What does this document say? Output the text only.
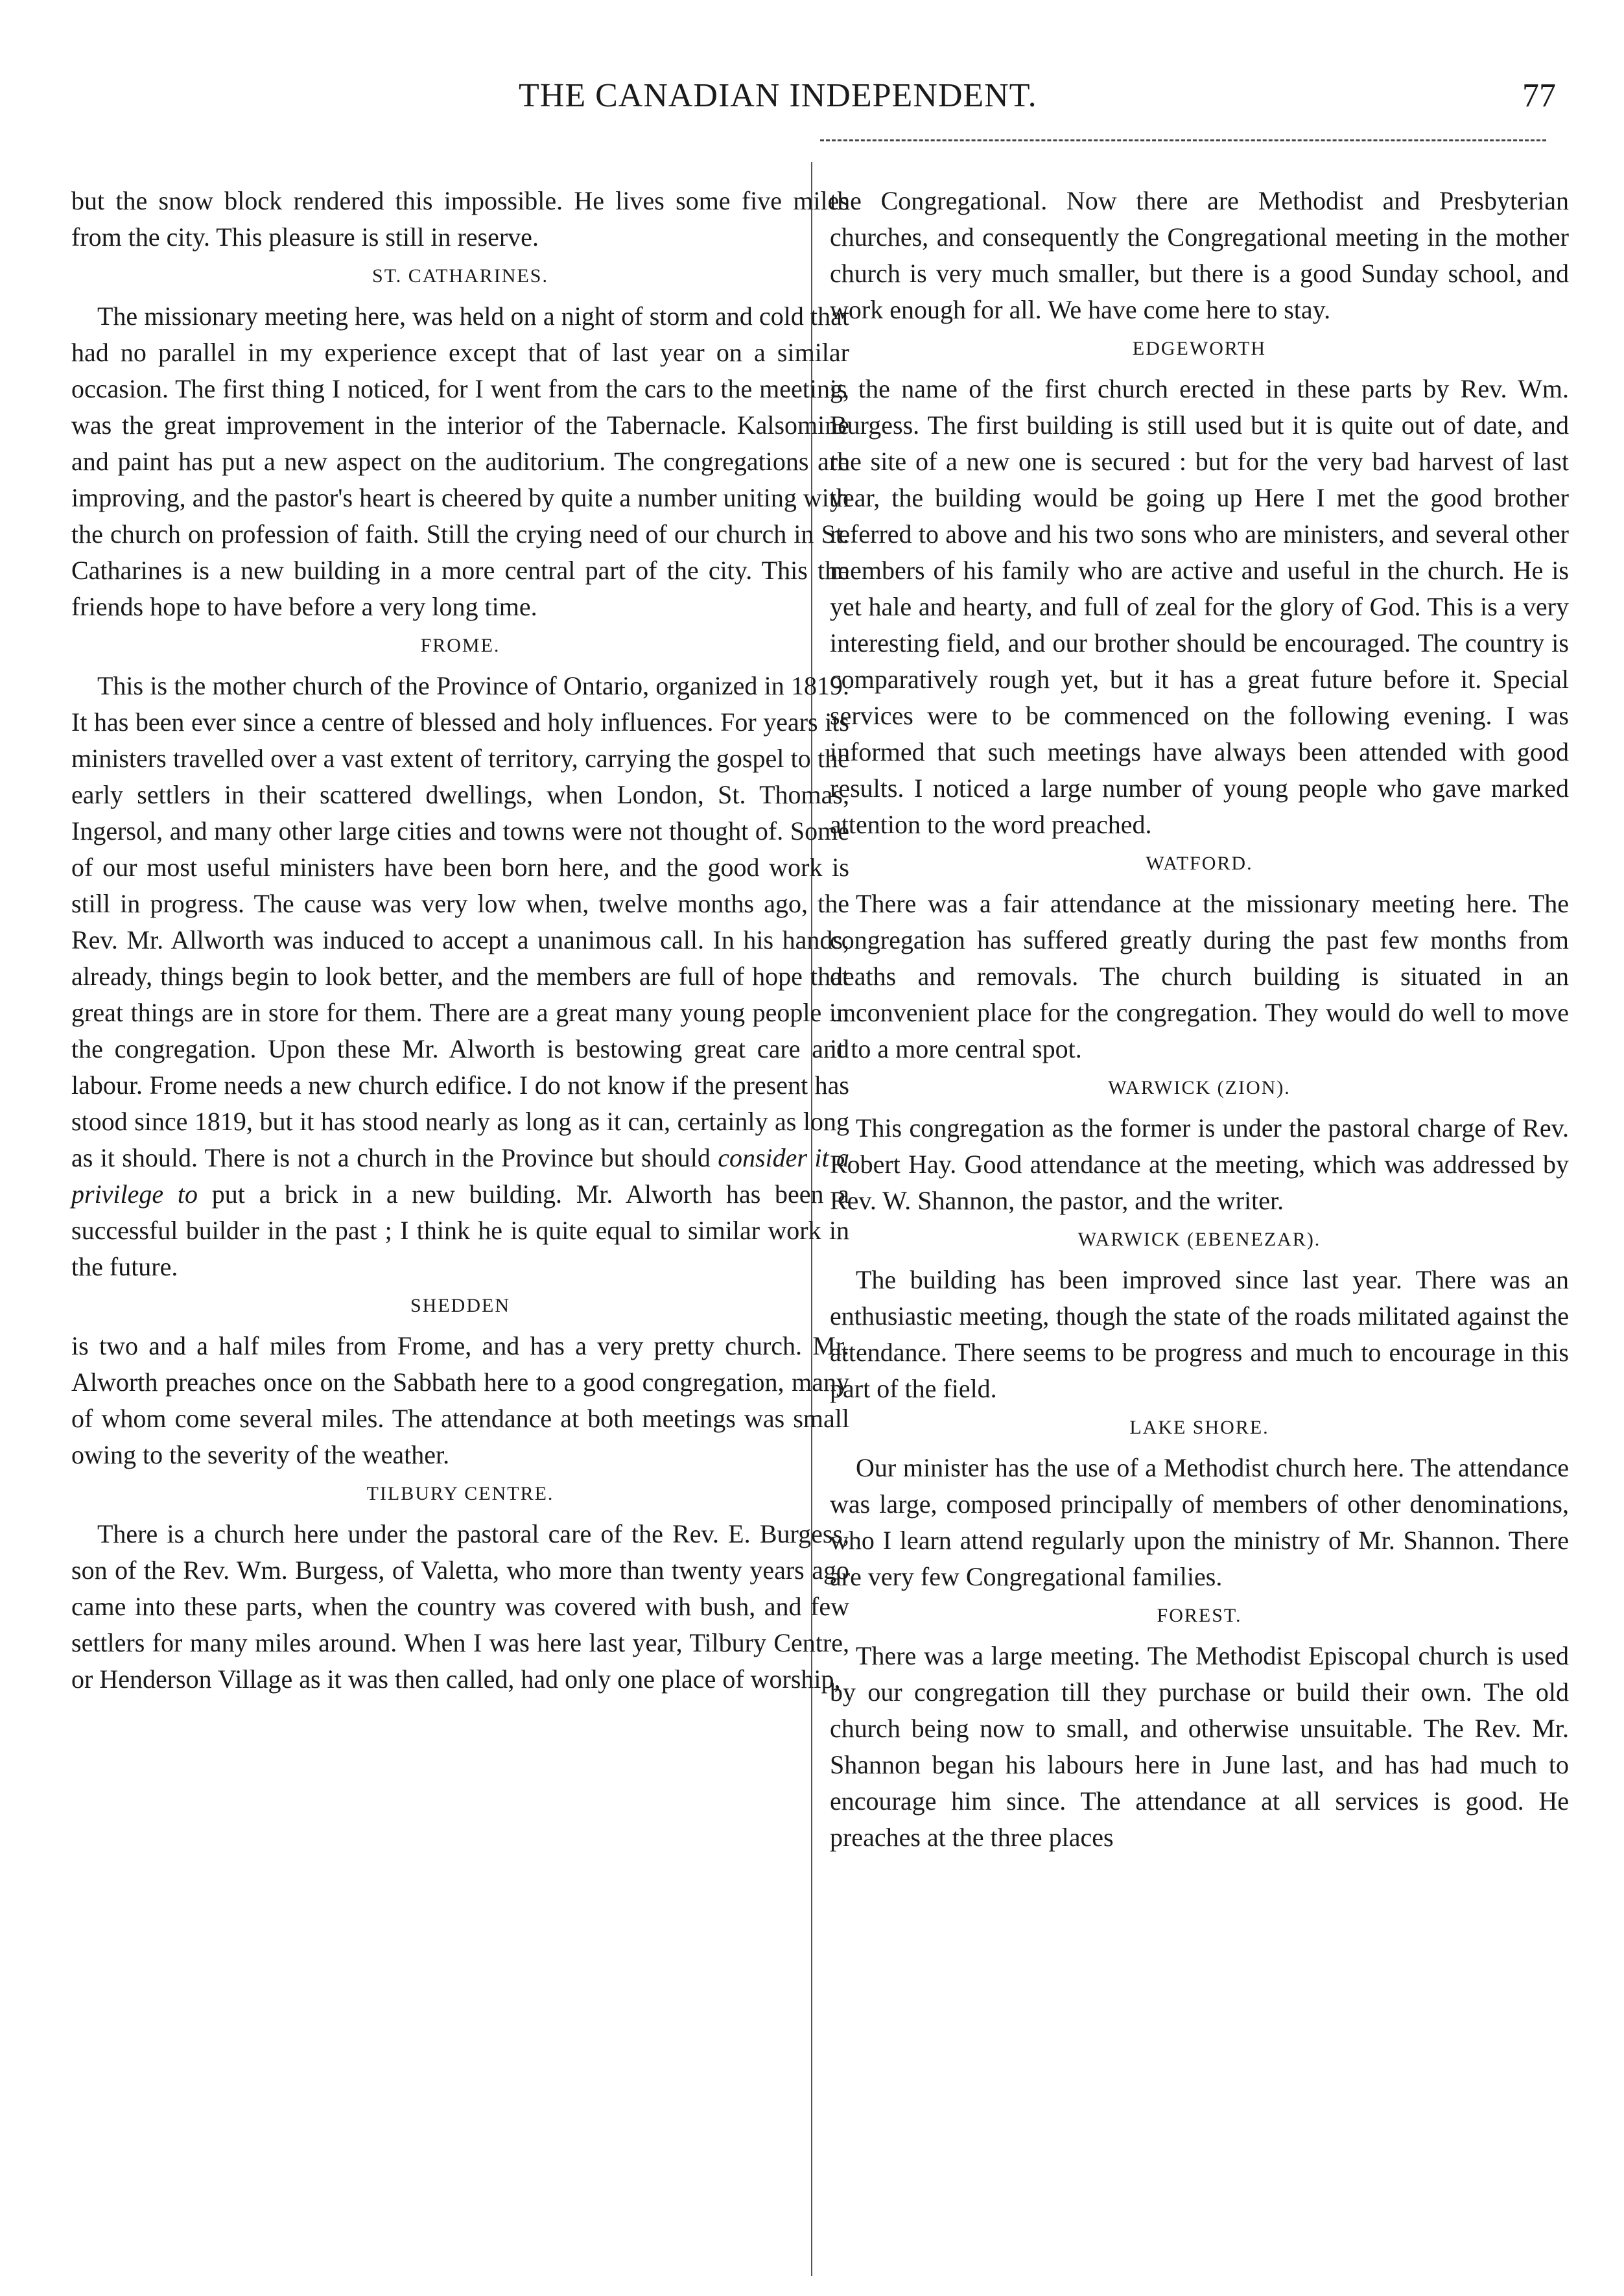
THE CANADIAN INDEPENDENT.	77

but the snow block rendered this impossible. He lives some five miles from the city. This pleasure is still in reserve.

ST. CATHARINES.

The missionary meeting here, was held on a night of storm and cold that had no parallel in my experience except that of last year on a similar occasion. The first thing I noticed, for I went from the cars to the meeting, was the great improvement in the interior of the Tabernacle. Kalsomine and paint has put a new aspect on the auditorium. The congregations are improving, and the pastor's heart is cheered by quite a number uniting with the church on profession of faith. Still the crying need of our church in St. Catharines is a new building in a more central part of the city. This the friends hope to have before a very long time.

FROME.

This is the mother church of the Province of Ontario, organized in 1819. It has been ever since a centre of blessed and holy influences. For years its ministers travelled over a vast extent of territory, carrying the gospel to the early settlers in their scattered dwellings, when London, St. Thomas, Ingersol, and many other large cities and towns were not thought of. Some of our most useful ministers have been born here, and the good work is still in progress. The cause was very low when, twelve months ago, the Rev. Mr. Allworth was induced to accept a unanimous call. In his hands, already, things begin to look better, and the members are full of hope that great things are in store for them. There are a great many young people in the congregation. Upon these Mr. Alworth is bestowing great care and labour. Frome needs a new church edifice. I do not know if the present has stood since 1819, but it has stood nearly as long as it can, certainly as long as it should. There is not a church in the Province but should consider it a privilege to put a brick in a new building. Mr. Alworth has been a successful builder in the past ; I think he is quite equal to similar work in the future.

SHEDDEN

is two and a half miles from Frome, and has a very pretty church. Mr. Alworth preaches once on the Sabbath here to a good congregation, many of whom come several miles. The attendance at both meetings was small owing to the severity of the weather.

TILBURY CENTRE.

There is a church here under the pastoral care of the Rev. E. Burgess, son of the Rev. Wm. Burgess, of Valetta, who more than twenty years ago came into these parts, when the country was covered with bush, and few settlers for many miles around. When I was here last year, Tilbury Centre, or Henderson Village as it was then called, had only one place of worship,

the Congregational. Now there are Methodist and Presbyterian churches, and consequently the Congregational meeting in the mother church is very much smaller, but there is a good Sunday school, and work enough for all. We have come here to stay.

EDGEWORTH

is the name of the first church erected in these parts by Rev. Wm. Burgess. The first building is still used but it is quite out of date, and the site of a new one is secured : but for the very bad harvest of last year, the building would be going up Here I met the good brother referred to above and his two sons who are ministers, and several other members of his family who are active and useful in the church. He is yet hale and hearty, and full of zeal for the glory of God. This is a very interesting field, and our brother should be encouraged. The country is comparatively rough yet, but it has a great future before it. Special services were to be commenced on the following evening. I was informed that such meetings have always been attended with good results. I noticed a large number of young people who gave marked attention to the word preached.

WATFORD.

There was a fair attendance at the missionary meeting here. The congregation has suffered greatly during the past few months from deaths and removals. The church building is situated in an unconvenient place for the congregation. They would do well to move it to a more central spot.

WARWICK (ZION).

This congregation as the former is under the pastoral charge of Rev. Robert Hay. Good attendance at the meeting, which was addressed by Rev. W. Shannon, the pastor, and the writer.

WARWICK (EBENEZAR).

The building has been improved since last year. There was an enthusiastic meeting, though the state of the roads militated against the attendance. There seems to be progress and much to encourage in this part of the field.

LAKE SHORE.

Our minister has the use of a Methodist church here. The attendance was large, composed principally of members of other denominations, who I learn attend regularly upon the ministry of Mr. Shannon. There are very few Congregational families.

FOREST.

There was a large meeting. The Methodist Episcopal church is used by our congregation till they purchase or build their own. The old church being now to small, and otherwise unsuitable. The Rev. Mr. Shannon began his labours here in June last, and has had much to encourage him since. The attendance at all services is good. He preaches at the three places
